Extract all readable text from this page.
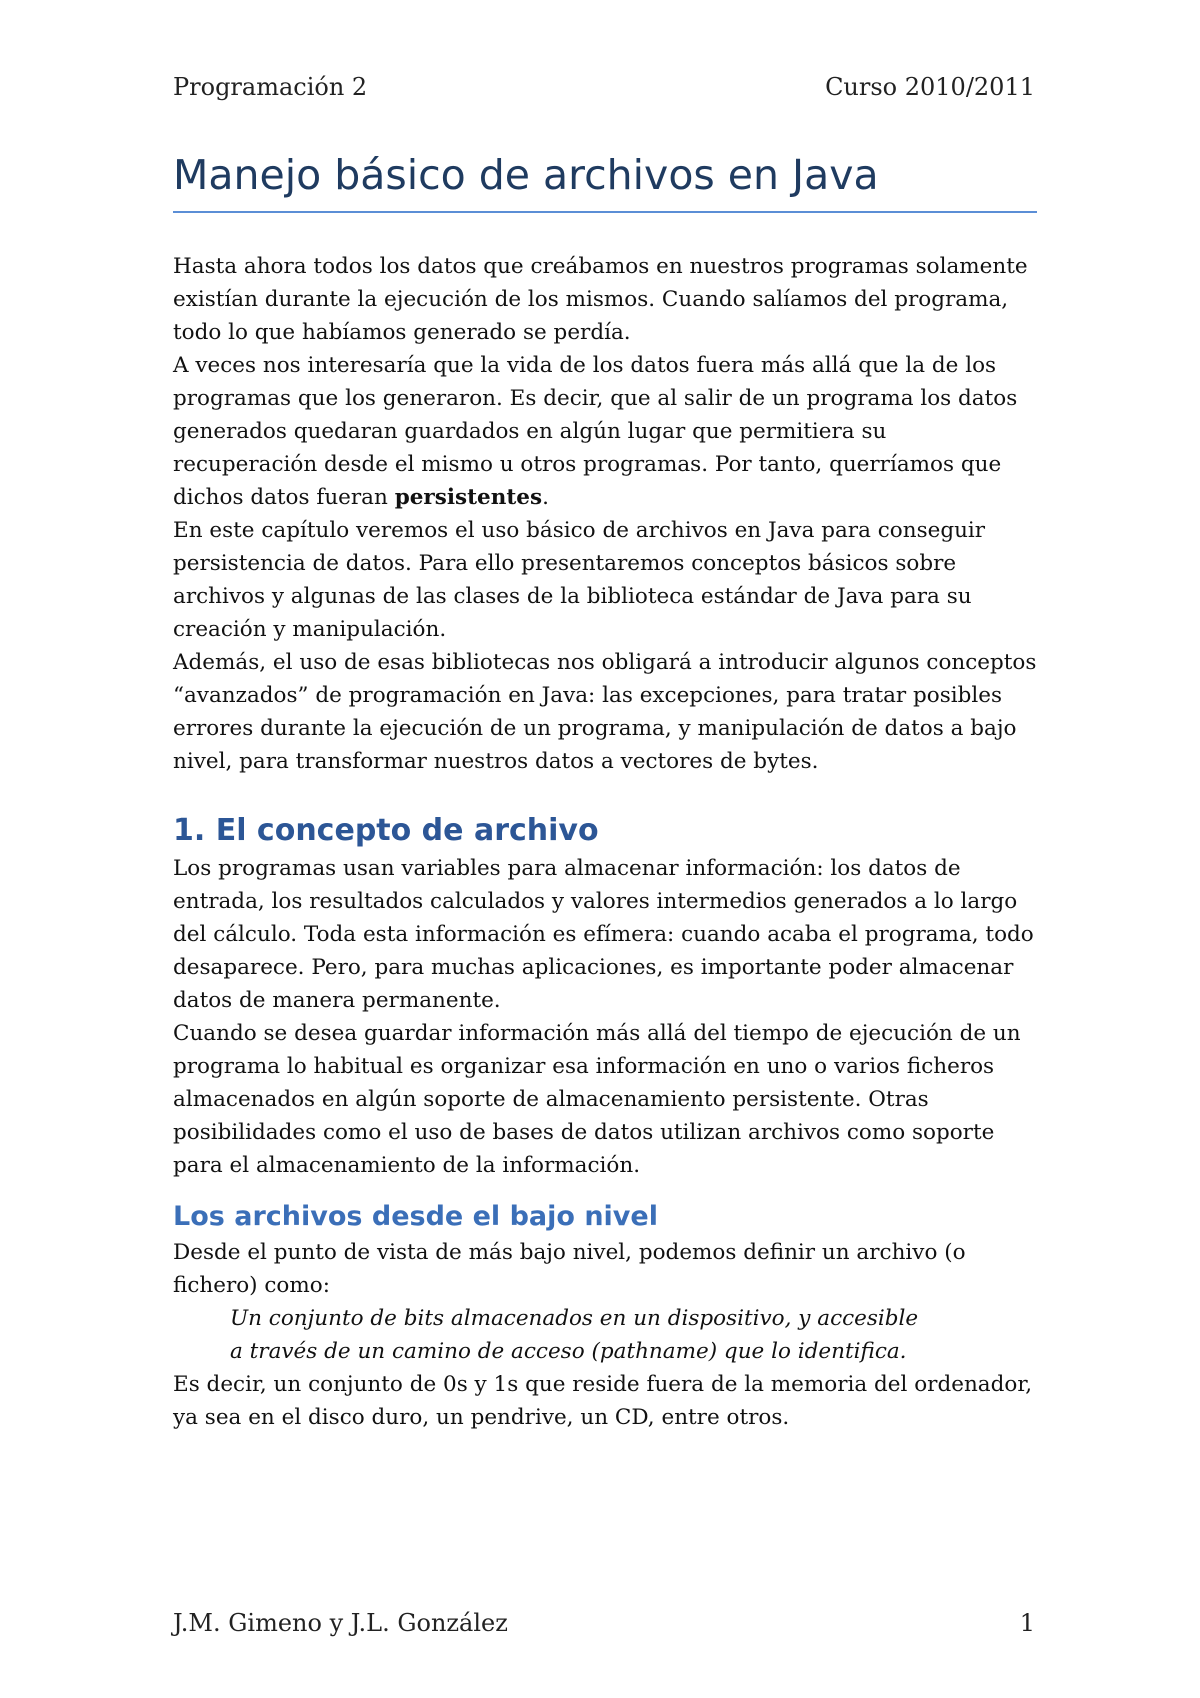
Programación 2	Curso 2010/2011
Manejo básico de archivos en Java

Hasta ahora todos los datos que creábamos en nuestros programas solamente existían durante la ejecución de los mismos. Cuando salíamos del programa, todo lo que habíamos generado se perdía.

A veces nos interesaría que la vida de los datos fuera más allá que la de los programas que los generaron. Es decir, que al salir de un programa los datos generados quedaran guardados en algún lugar que permitiera su recuperación desde el mismo u otros programas. Por tanto, querríamos que dichos datos fueran persistentes.

En este capítulo veremos el uso básico de archivos en Java para conseguir persistencia de datos. Para ello presentaremos conceptos básicos sobre archivos y algunas de las clases de la biblioteca estándar de Java para su creación y manipulación.

Además, el uso de esas bibliotecas nos obligará a introducir algunos conceptos “avanzados” de programación en Java: las excepciones, para tratar posibles errores durante la ejecución de un programa, y manipulación de datos a bajo nivel, para transformar nuestros datos a vectores de bytes.

1. El concepto de archivo

Los programas usan variables para almacenar información: los datos de entrada, los resultados calculados y valores intermedios generados a lo largo del cálculo. Toda esta información es efímera: cuando acaba el programa, todo desaparece. Pero, para muchas aplicaciones, es importante poder almacenar datos de manera permanente.

Cuando se desea guardar información más allá del tiempo de ejecución de un programa lo habitual es organizar esa información en uno o varios ficheros almacenados en algún soporte de almacenamiento persistente. Otras posibilidades como el uso de bases de datos utilizan archivos como soporte para el almacenamiento de la información.

Los archivos desde el bajo nivel

Desde el punto de vista de más bajo nivel, podemos definir un archivo (o fichero) como:

Un conjunto de bits almacenados en un dispositivo, y accesible

a través de un camino de acceso (pathname) que lo identifica.

Es decir, un conjunto de 0s y 1s que reside fuera de la memoria del ordenador, ya sea en el disco duro, un pendrive, un CD, entre otros.

J.M. Gimeno y J.L. González	1
